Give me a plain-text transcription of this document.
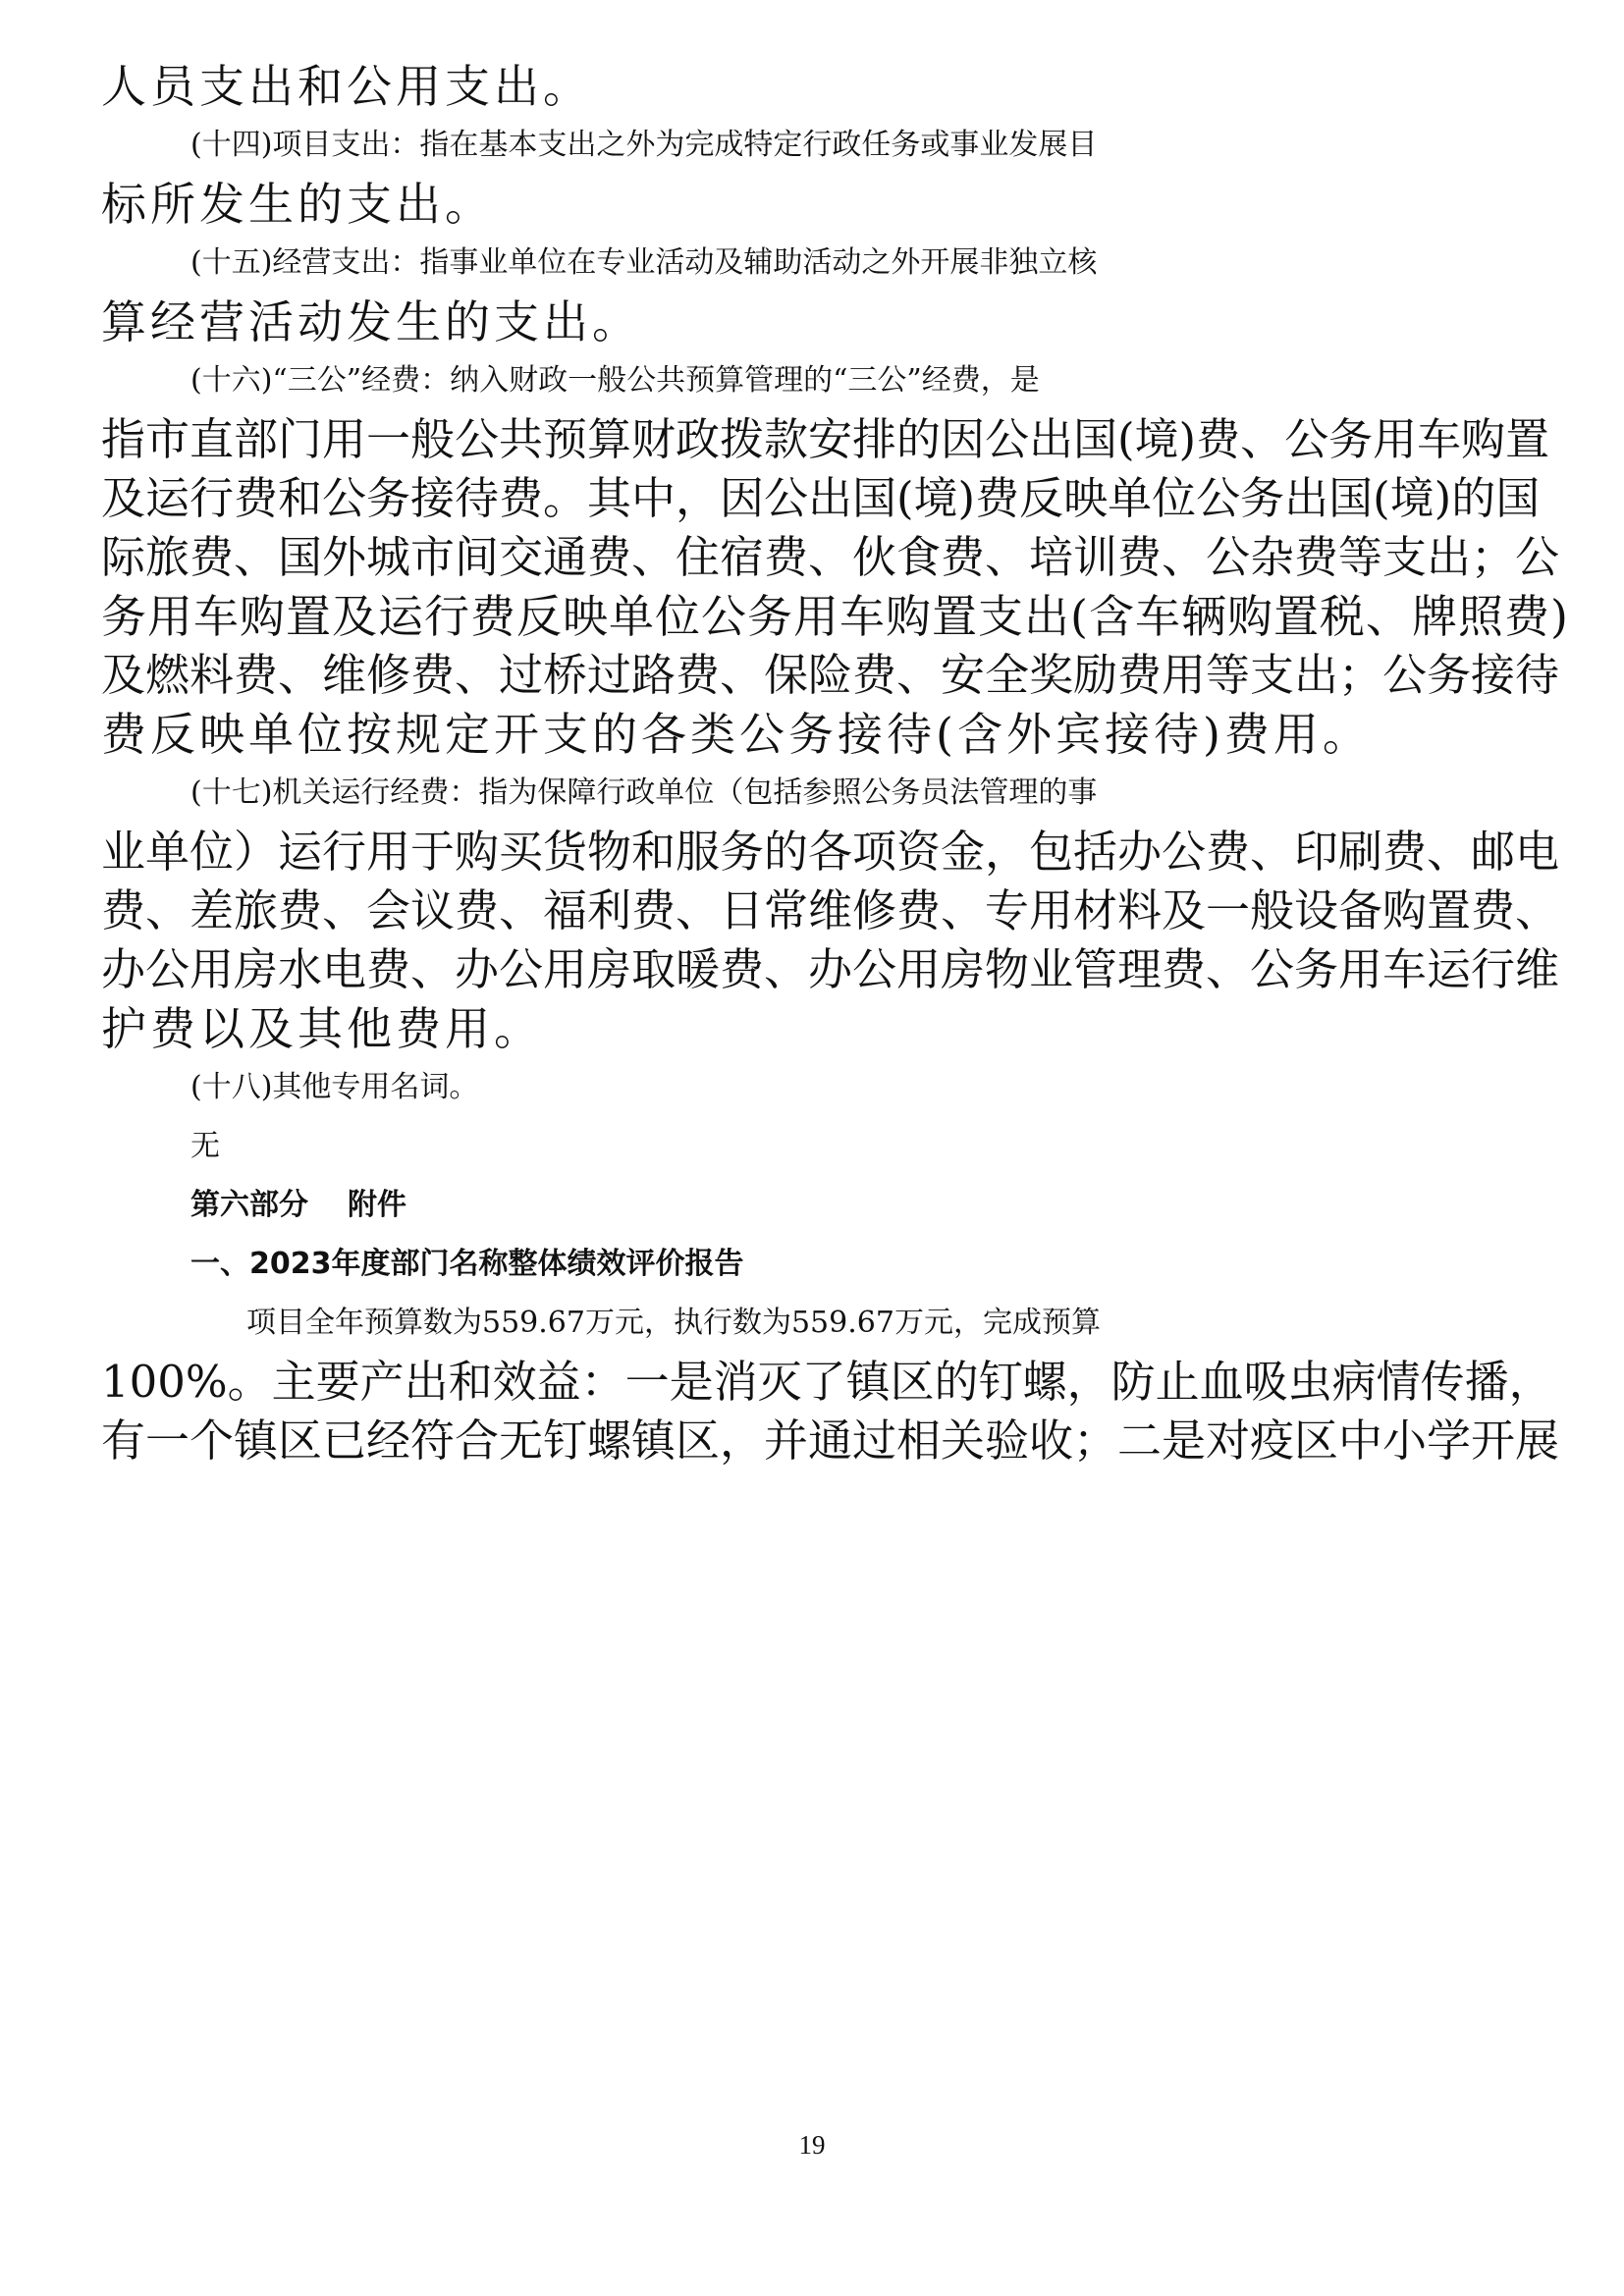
人员支出和公用支出。
(十四)项目支出：指在基本支出之外为完成特定行政任务或事业发展目
标所发生的支出。
(十五)经营支出：指事业单位在专业活动及辅助活动之外开展非独立核
算经营活动发生的支出。
(十六)“三公”经费：纳入财政一般公共预算管理的“三公”经费，是
指市直部门用一般公共预算财政拨款安排的因公出国(境)费、公务用车购置
及运行费和公务接待费。其中，因公出国(境)费反映单位公务出国(境)的国
际旅费、国外城市间交通费、住宿费、伙食费、培训费、公杂费等支出；公
务用车购置及运行费反映单位公务用车购置支出(含车辆购置税、牌照费)
及燃料费、维修费、过桥过路费、保险费、安全奖励费用等支出；公务接待
费反映单位按规定开支的各类公务接待(含外宾接待)费用。
(十七)机关运行经费：指为保障行政单位（包括参照公务员法管理的事
业单位）运行用于购买货物和服务的各项资金，包括办公费、印刷费、邮电
费、差旅费、会议费、福利费、日常维修费、专用材料及一般设备购置费、
办公用房水电费、办公用房取暖费、办公用房物业管理费、公务用车运行维
护费以及其他费用。
(十八)其他专用名词。
无
第六部分 附件
一、2023年度部门名称整体绩效评价报告
项目全年预算数为559.67万元，执行数为559.67万元，完成预算
100%。主要产出和效益：一是消灭了镇区的钉螺，防止血吸虫病情传播，
有一个镇区已经符合无钉螺镇区，并通过相关验收；二是对疫区中小学开展
19
